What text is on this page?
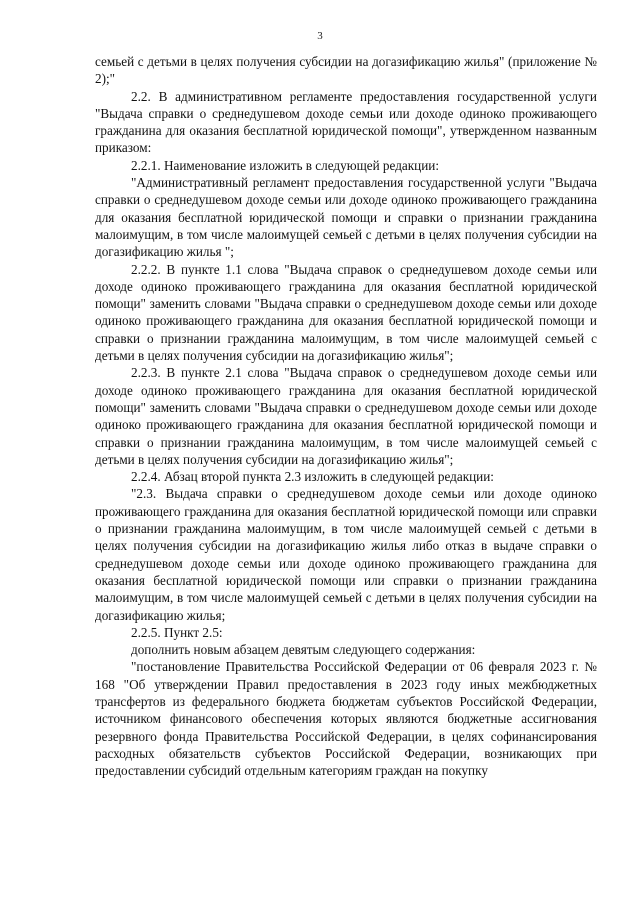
3

семьей с детьми в целях получения субсидии на догазификацию жилья" (приложение № 2);"

2.2. В административном регламенте предоставления государственной услуги "Выдача справки о среднедушевом доходе семьи или доходе одиноко проживающего гражданина для оказания бесплатной юридической помощи", утвержденном названным приказом:

2.2.1. Наименование изложить в следующей редакции:

"Административный регламент предоставления государственной услуги "Выдача справки о среднедушевом доходе семьи или доходе одиноко проживающего гражданина для оказания бесплатной юридической помощи и справки о признании гражданина малоимущим, в том числе малоимущей семьей с детьми в целях получения субсидии на догазификацию жилья ";

2.2.2. В пункте 1.1 слова "Выдача справок о среднедушевом доходе семьи или доходе одиноко проживающего гражданина для оказания бесплатной юридической помощи" заменить словами "Выдача справки о среднедушевом доходе семьи или доходе одиноко проживающего гражданина для оказания бесплатной юридической помощи и справки о признании гражданина малоимущим, в том числе малоимущей семьей с детьми в целях получения субсидии на догазификацию жилья";

2.2.3. В пункте 2.1 слова "Выдача справок о среднедушевом доходе семьи или доходе одиноко проживающего гражданина для оказания бесплатной юридической помощи" заменить словами "Выдача справки о среднедушевом доходе семьи или доходе одиноко проживающего гражданина для оказания бесплатной юридической помощи и справки о признании гражданина малоимущим, в том числе малоимущей семьей с детьми в целях получения субсидии на догазификацию жилья";

2.2.4. Абзац второй пункта 2.3 изложить в следующей редакции:

"2.3. Выдача справки о среднедушевом доходе семьи или доходе одиноко проживающего гражданина для оказания бесплатной юридической помощи или справки о признании гражданина малоимущим, в том числе малоимущей семьей с детьми в целях получения субсидии на догазификацию жилья либо отказ в выдаче справки о среднедушевом доходе семьи или доходе одиноко проживающего гражданина для оказания бесплатной юридической помощи или справки о признании гражданина малоимущим, в том числе малоимущей семьей с детьми в целях получения субсидии на догазификацию жилья;

2.2.5. Пункт 2.5:

дополнить новым абзацем девятым следующего содержания:

"постановление Правительства Российской Федерации от 06 февраля 2023 г. № 168 "Об утверждении Правил предоставления в 2023 году иных межбюджетных трансфертов из федерального бюджета бюджетам субъектов Российской Федерации, источником финансового обеспечения которых являются бюджетные ассигнования резервного фонда Правительства Российской Федерации, в целях софинансирования расходных обязательств субъектов Российской Федерации, возникающих при предоставлении субсидий отдельным категориям граждан на покупку
